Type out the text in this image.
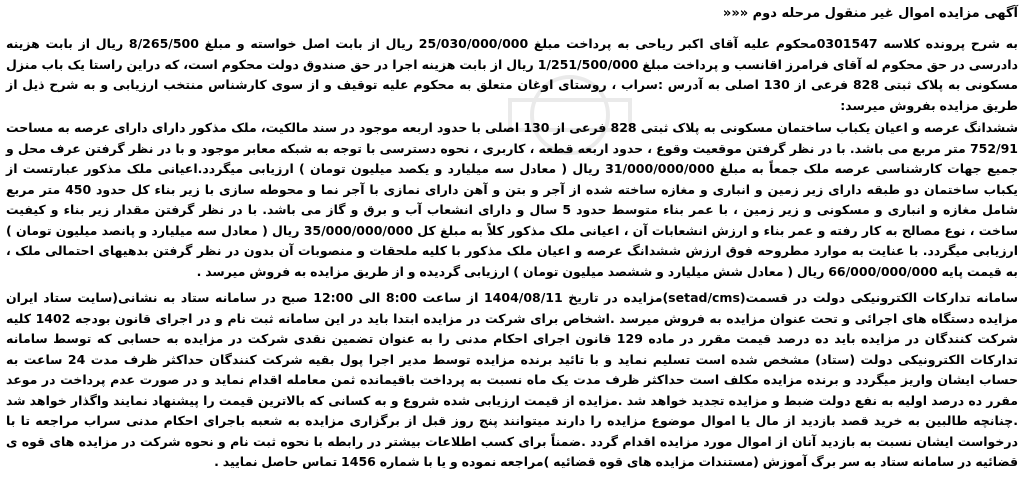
آگهی مزایده اموال غیر منقول مرحله دوم «««

به شرح پرونده کلاسه 0301547محکوم علیه آقای اکبر ریاحی به پرداخت مبلغ 25/030/000/000 ریال از بابت اصل خواسته و مبلغ 8/265/500 ریال از بابت هزینه دادرسی در حق محکوم له آقای فرامرز اقانسب و پرداخت مبلغ 1/251/500/000 ریال از بابت هزینه اجرا در حق صندوق دولت محکوم است، که دراین راستا یک باب منزل مسکونی به پلاک ثبتی 828 فرعی از 130 اصلی به آدرس :سراب ، روستای اوغان متعلق به محکوم علیه توقیف و از سوی کارشناس منتخب ارزیابی و به شرح ذیل از طریق مزایده بفروش میرسد:

ششدانگ عرصه و اعیان یکباب ساختمان مسکونی به پلاک ثبتی 828 فرعی از 130 اصلی با حدود اربعه موجود در سند مالکیت، ملک مذکور دارای دارای عرصه به مساحت 752/91 متر مربع می باشد. با در نظر گرفتن موقعیت وقوع ، حدود اربعه قطعه ، کاربری ، نحوه دسترسی با توجه به شبکه معابر موجود و با در نظر گرفتن عرف محل و جمیع جهات کارشناسی عرصه ملک جمعاً به مبلغ 31/000/000/000 ریال ( معادل سه میلیارد و یکصد میلیون تومان ) ارزیابی میگردد.اعیانی ملک مذکور عبارتست از یکباب ساختمان دو طبقه دارای زیر زمین و انباری و مغازه ساخته شده از آجر و بتن و آهن دارای نمازی با آجر نما و محوطه سازی با زیر بناء کل حدود 450 متر مربع شامل مغازه و انباری و مسکونی و زیر زمین ، با عمر بناء متوسط حدود 5 سال و دارای انشعاب آب و برق و گاز می باشد. با در نظر گرفتن مقدار زیر بناء و کیفیت ساخت ، نوع مصالح به کار رفته و عمر بناء و ارزش انشعابات آن ، اعیانی ملک مذکور کلاً به مبلغ کل 35/000/000/000 ریال ( معادل سه میلیارد و پانصد میلیون تومان ) ارزیابی میگردد. با عنایت به موارد مطروحه فوق ارزش ششدانگ عرصه و اعیان ملک مذکور با کلیه ملحقات و منصوبات آن بدون در نظر گرفتن بدهیهای احتمالی ملک ، به قیمت پایه 66/000/000/000 ریال ( معادل شش میلیارد و ششصد میلیون تومان ) ارزیابی گردیده و از طریق مزایده به فروش میرسد .

سامانه تدارکات الکترونیکی دولت در قسمت(setad/cms)مزایده در تاریخ 1404/08/11 از ساعت 8:00 الی 12:00 صبح در سامانه ستاد به نشانی(سایت ستاد ایران مزایده دستگاه های اجرائی و تحت عنوان مزایده به فروش میرسد .اشخاص برای شرکت در مزایده ابتدا باید در این سامانه ثبت نام و در اجرای قانون بودجه 1402 کلیه شرکت کنندگان در مزایده باید ده درصد قیمت مقرر در ماده 129 قانون اجرای احکام مدنی را به عنوان تضمین نقدی شرکت در مزایده به حسابی که توسط سامانه تدارکات الکترونیکی دولت (ستاد) مشخص شده است تسلیم نماید و با تائید برنده مزایده توسط مدیر اجرا پول بقیه شرکت کنندگان حداکثر ظرف مدت 24 ساعت به حساب ایشان واریز میگردد و برنده مزایده مکلف است حداکثر ظرف مدت یک ماه نسبت به پرداخت باقیمانده ثمن معامله اقدام نماید و در صورت عدم پرداخت در موعد مقرر ده درصد اولیه به نفع دولت ضبط و مزایده تجدید خواهد شد .مزایده از قیمت ارزیابی شده شروع و به کسانی که بالاترین قیمت را پیشنهاد نمایند واگذار خواهد شد .چنانچه طالبین به خرید قصد بازدید از مال یا اموال موضوع مزایده را دارند میتوانند پنج روز قبل از برگزاری مزایده به شعبه باجرای احکام مدنی سراب مراجعه تا با درخواست ایشان نسبت به بازدید آنان از اموال مورد مزایده اقدام گردد .ضمناً برای کسب اطلاعات بیشتر در رابطه با نحوه ثبت نام و نحوه شرکت در مزایده های قوه ی قضائیه در سامانه ستاد به سر برگ آموزش (مستندات مزایده های قوه قضائیه )مراجعه نموده و یا با شماره 1456 تماس حاصل نمایید .
